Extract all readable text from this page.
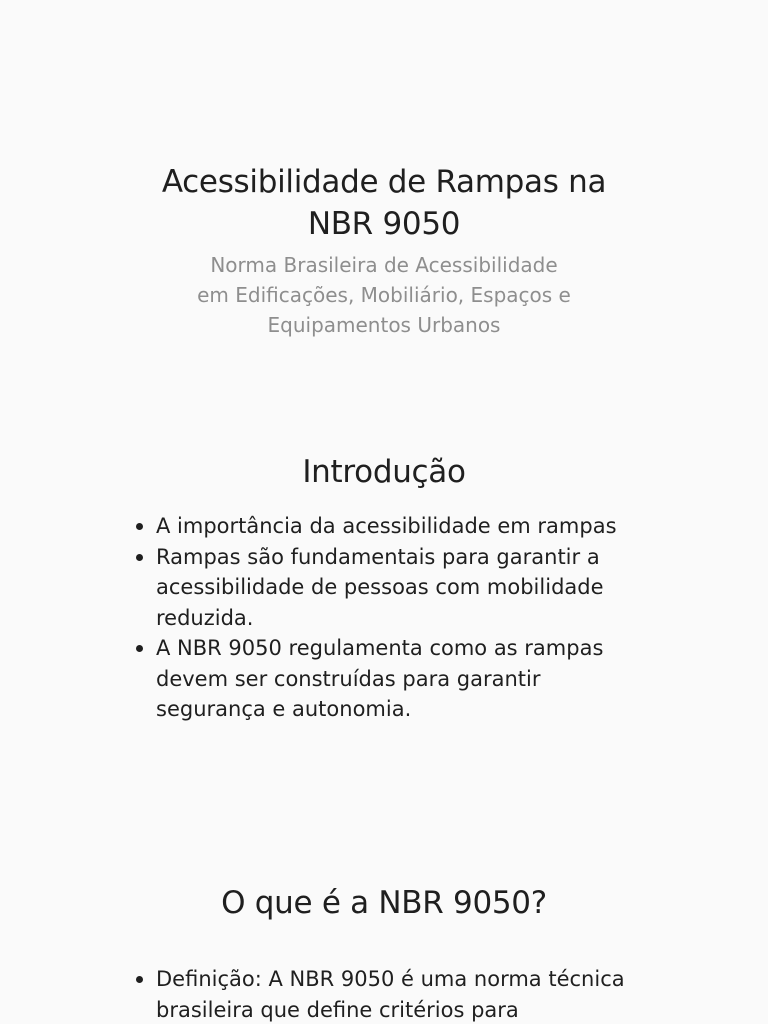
Acessibilidade de Rampas na
NBR 9050
Norma Brasileira de Acessibilidade
em Edificações, Mobiliário, Espaços e
Equipamentos Urbanos
Introdução
A importância da acessibilidade em rampas
Rampas são fundamentais para garantir a
acessibilidade de pessoas com mobilidade
reduzida.
A NBR 9050 regulamenta como as rampas
devem ser construídas para garantir
segurança e autonomia.
O que é a NBR 9050?
Definição: A NBR 9050 é uma norma técnica
brasileira que define critérios para
